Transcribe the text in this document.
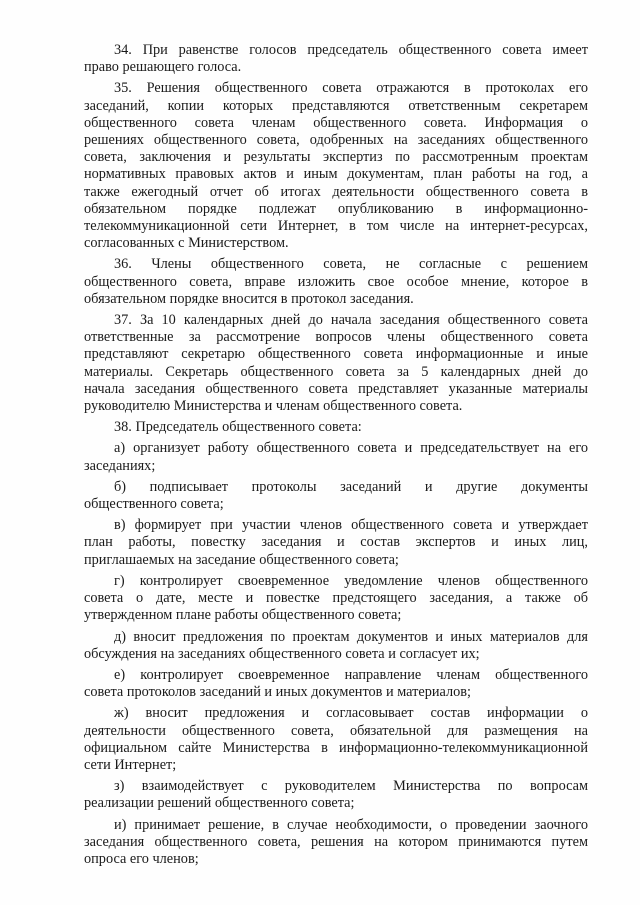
34. При равенстве голосов председатель общественного совета имеет
право решающего голоса.
35. Решения общественного совета отражаются в протоколах его
заседаний, копии которых представляются ответственным секретарем
общественного совета членам общественного совета. Информация о
решениях общественного совета, одобренных на заседаниях общественного
совета, заключения и результаты экспертиз по рассмотренным проектам
нормативных правовых актов и иным документам, план работы на год, а
также ежегодный отчет об итогах деятельности общественного совета в
обязательном порядке подлежат опубликованию в информационно-
телекоммуникационной сети Интернет, в том числе на интернет-ресурсах,
согласованных с Министерством.
36. Члены общественного совета, не согласные с решением
общественного совета, вправе изложить свое особое мнение, которое в
обязательном порядке вносится в протокол заседания.
37. За 10 календарных дней до начала заседания общественного совета
ответственные за рассмотрение вопросов члены общественного совета
представляют секретарю общественного совета информационные и иные
материалы. Секретарь общественного совета за 5 календарных дней до
начала заседания общественного совета представляет указанные материалы
руководителю Министерства и членам общественного совета.
38. Председатель общественного совета:
а) организует работу общественного совета и председательствует на его
заседаниях;
б) подписывает протоколы заседаний и другие документы
общественного совета;
в) формирует при участии членов общественного совета и утверждает
план работы, повестку заседания и состав экспертов и иных лиц,
приглашаемых на заседание общественного совета;
г) контролирует своевременное уведомление членов общественного
совета о дате, месте и повестке предстоящего заседания, а также об
утвержденном плане работы общественного совета;
д) вносит предложения по проектам документов и иных материалов для
обсуждения на заседаниях общественного совета и согласует их;
е) контролирует своевременное направление членам общественного
совета протоколов заседаний и иных документов и материалов;
ж) вносит предложения и согласовывает состав информации о
деятельности общественного совета, обязательной для размещения на
официальном сайте Министерства в информационно-телекоммуникационной
сети Интернет;
з) взаимодействует с руководителем Министерства по вопросам
реализации решений общественного совета;
и) принимает решение, в случае необходимости, о проведении заочного
заседания общественного совета, решения на котором принимаются путем
опроса его членов;
